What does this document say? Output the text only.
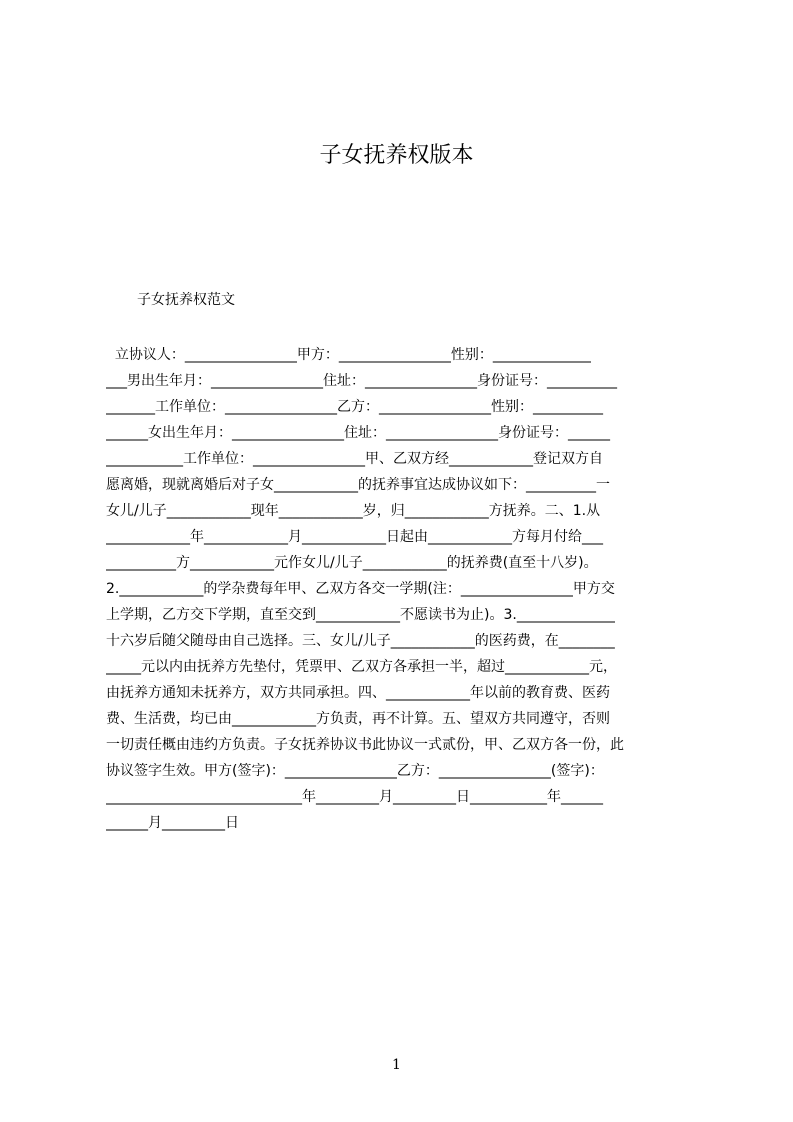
子女抚养权版本
子女抚养权范文
立协议人：________________甲方：________________性别：______________
___男出生年月：________________住址：________________身份证号：__________
_______工作单位：________________乙方：________________性别：__________
______女出生年月：________________住址：________________身份证号：______
___________工作单位：________________甲、乙双方经____________登记双方自
愿离婚，现就离婚后对子女____________的抚养事宜达成协议如下：__________一
女儿/儿子____________现年____________岁，归____________方抚养。二、1.从
____________年____________月____________日起由____________方每月付给___
__________方____________元作女儿/儿子____________的抚养费(直至十八岁)。
2.____________的学杂费每年甲、乙双方各交一学期(注：________________甲方交
上学期，乙方交下学期，直至交到____________不愿读书为止)。3.______________
十六岁后随父随母由自己选择。三、女儿/儿子____________的医药费，在________
_____元以内由抚养方先垫付，凭票甲、乙双方各承担一半，超过____________元，
由抚养方通知未抚养方，双方共同承担。四、____________年以前的教育费、医药
费、生活费，均已由____________方负责，再不计算。五、望双方共同遵守，否则
一切责任概由违约方负责。子女抚养协议书此协议一式贰份，甲、乙双方各一份，此
协议签字生效。甲方(签字)：________________乙方：________________(签字)：
____________________________年_________月_________日___________年______
______月_________日
1
